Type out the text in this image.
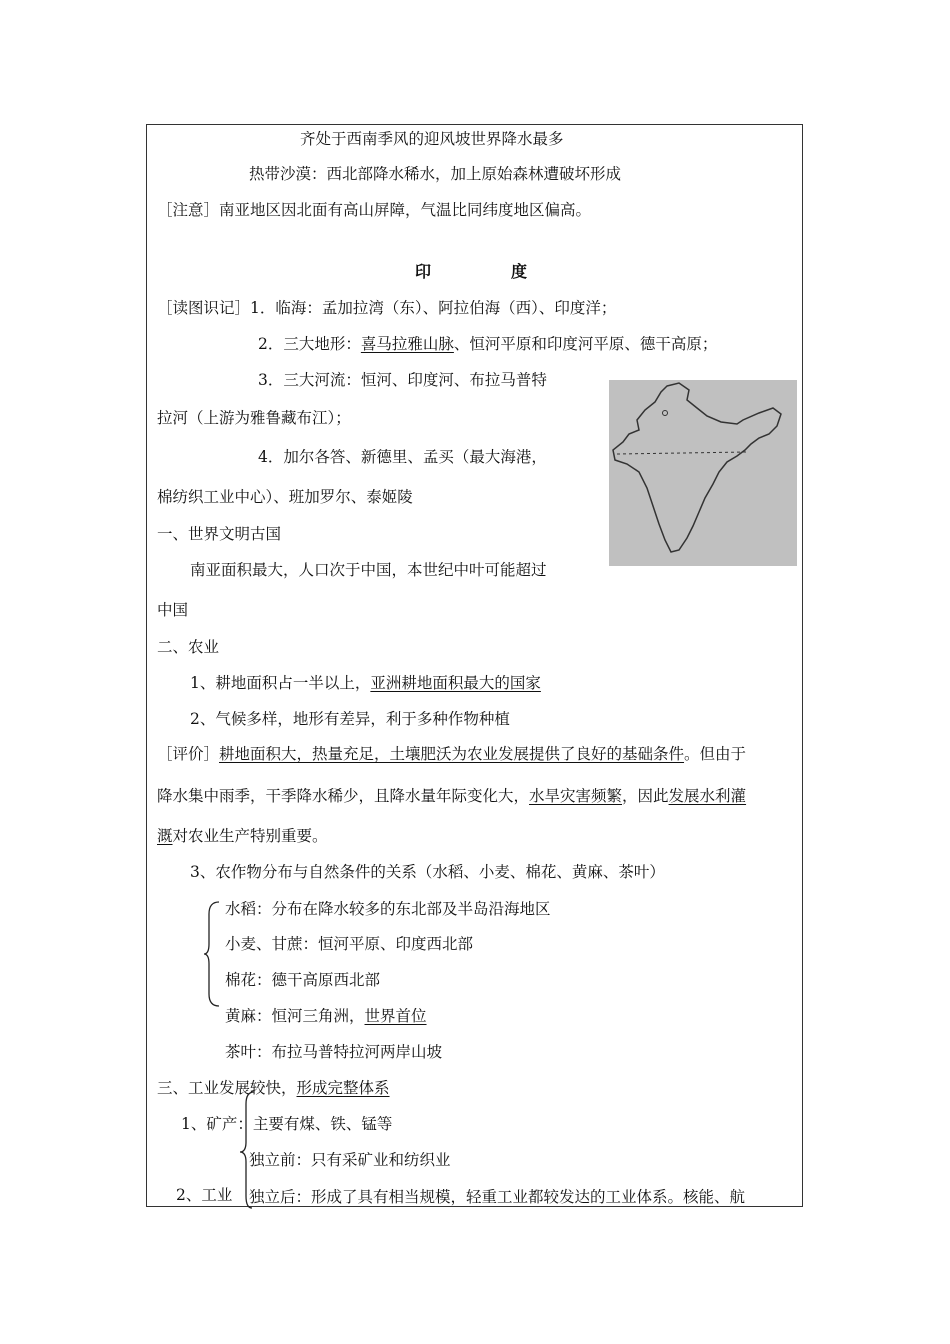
齐处于西南季风的迎风坡世界降水最多
热带沙漠：西北部降水稀水，加上原始森林遭破坏形成
［注意］南亚地区因北面有高山屏障，气温比同纬度地区偏高。
印　　　　　度
［读图识记］1．临海：孟加拉湾（东）、阿拉伯海（西）、印度洋；
2．三大地形：喜马拉雅山脉、恒河平原和印度河平原、德干高原；
3．三大河流：恒河、印度河、布拉马普特
拉河（上游为雅鲁藏布江）；
4．加尔各答、新德里、孟买（最大海港，
棉纺织工业中心）、班加罗尔、泰姬陵
一、世界文明古国
南亚面积最大，人口次于中国，本世纪中叶可能超过
中国
二、农业
1、耕地面积占一半以上，亚洲耕地面积最大的国家
2、气候多样，地形有差异，利于多种作物种植
［评价］耕地面积大，热量充足，土壤肥沃为农业发展提供了良好的基础条件。但由于
降水集中雨季，干季降水稀少，且降水量年际变化大，水旱灾害频繁，因此发展水利灌
溉对农业生产特别重要。
3、农作物分布与自然条件的关系（水稻、小麦、棉花、黄麻、茶叶）
水稻：分布在降水较多的东北部及半岛沿海地区
小麦、甘蔗：恒河平原、印度西北部
棉花：德干高原西北部
黄麻：恒河三角洲，世界首位
茶叶：布拉马普特拉河两岸山坡
三、工业发展较快，形成完整体系
1、矿产：主要有煤、铁、锰等
独立前：只有采矿业和纺织业
2、工业 独立后：形成了具有相当规模，轻重工业都较发达的工业体系。核能、航
